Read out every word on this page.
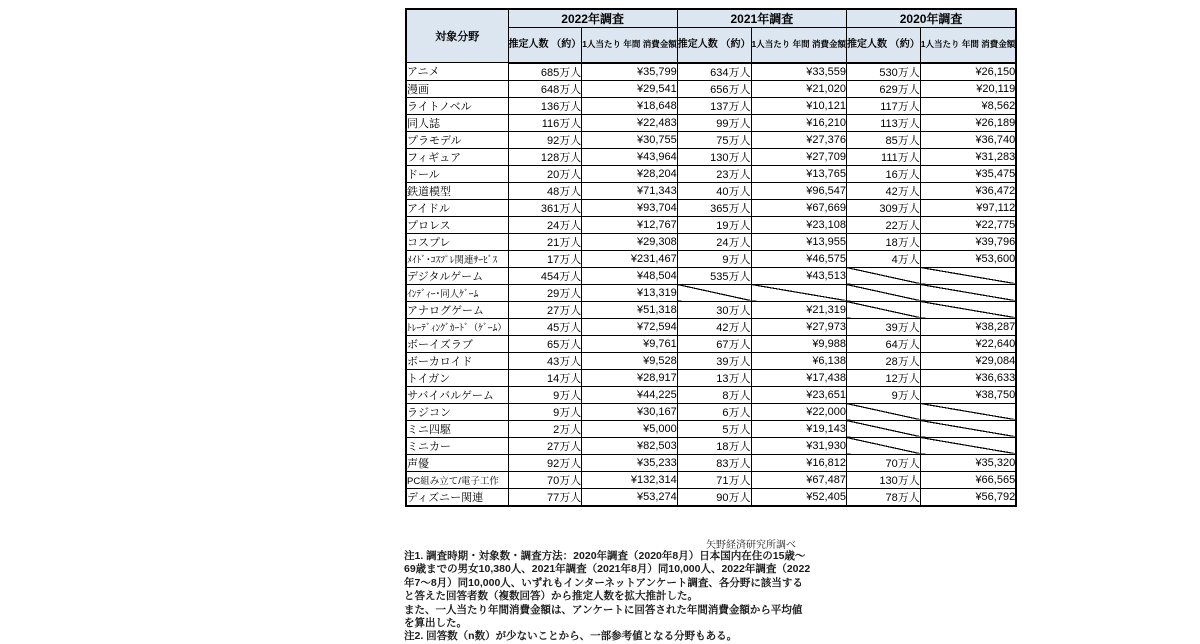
対象分野	2022年調査		2021年調査		2020年調査	
	推定人数 （約）	1人当たり 年間 消費金額	推定人数 （約）	1人当たり 年間 消費金額	推定人数 （約）	1人当たり 年間 消費金額
アニメ	685万人	¥35,799	634万人	¥33,559	530万人	¥26,150
漫画	648万人	¥29,541	656万人	¥21,020	629万人	¥20,119
ライトノベル	136万人	¥18,648	137万人	¥10,121	117万人	¥8,562
同人誌	116万人	¥22,483	99万人	¥16,210	113万人	¥26,189
プラモデル	92万人	¥30,755	75万人	¥27,376	85万人	¥36,740
フィギュア	128万人	¥43,964	130万人	¥27,709	111万人	¥31,283
ドール	20万人	¥28,204	23万人	¥13,765	16万人	¥35,475
鉄道模型	48万人	¥71,343	40万人	¥96,547	42万人	¥36,472
アイドル	361万人	¥93,704	365万人	¥67,669	309万人	¥97,112
プロレス	24万人	¥12,767	19万人	¥23,108	22万人	¥22,775
コスプレ	21万人	¥29,308	24万人	¥13,955	18万人	¥39,796
ﾒｲﾄﾞ･ｺｽﾌﾟﾚ関連ｻｰﾋﾞｽ	17万人	¥231,467	9万人	¥46,575	4万人	¥53,600
デジタルゲーム	454万人	¥48,504	535万人	¥43,513		
ｲﾝﾃﾞｨｰ･同人ｹﾞｰﾑ	29万人	¥13,319				
アナログゲーム	27万人	¥51,318	30万人	¥21,319		
ﾄﾚｰﾃﾞｨﾝｸﾞｶｰﾄﾞ（ｹﾞｰﾑ）	45万人	¥72,594	42万人	¥27,973	39万人	¥38,287
ボーイズラブ	65万人	¥9,761	67万人	¥9,988	64万人	¥22,640
ボーカロイド	43万人	¥9,528	39万人	¥6,138	28万人	¥29,084
トイガン	14万人	¥28,917	13万人	¥17,438	12万人	¥36,633
サバイバルゲーム	9万人	¥44,225	8万人	¥23,651	9万人	¥38,750
ラジコン	9万人	¥30,167	6万人	¥22,000		
ミニ四駆	2万人	¥5,000	5万人	¥19,143		
ミニカー	27万人	¥82,503	18万人	¥31,930		
声優	92万人	¥35,233	83万人	¥16,812	70万人	¥35,320
PC組み立て/電子工作	70万人	¥132,314	71万人	¥67,487	130万人	¥66,565
ディズニー関連	77万人	¥53,274	90万人	¥52,405	78万人	¥56,792
矢野経済研究所調べ

注1. 調査時期・対象数・調査方法：2020年調査（2020年8月）日本国内在住の15歳～69歳までの男女10,380人、2021年調査（2021年8月）同10,000人、2022年調査（2022年7～8月）同10,000人、いずれもインターネットアンケート調査、各分野に該当すると答えた回答者数（複数回答）から推定人数を拡大推計した。

また、一人当たり年間消費金額は、アンケートに回答された年間消費金額から平均値を算出した。

注2. 回答数（n数）が少ないことから、一部参考値となる分野もある。
